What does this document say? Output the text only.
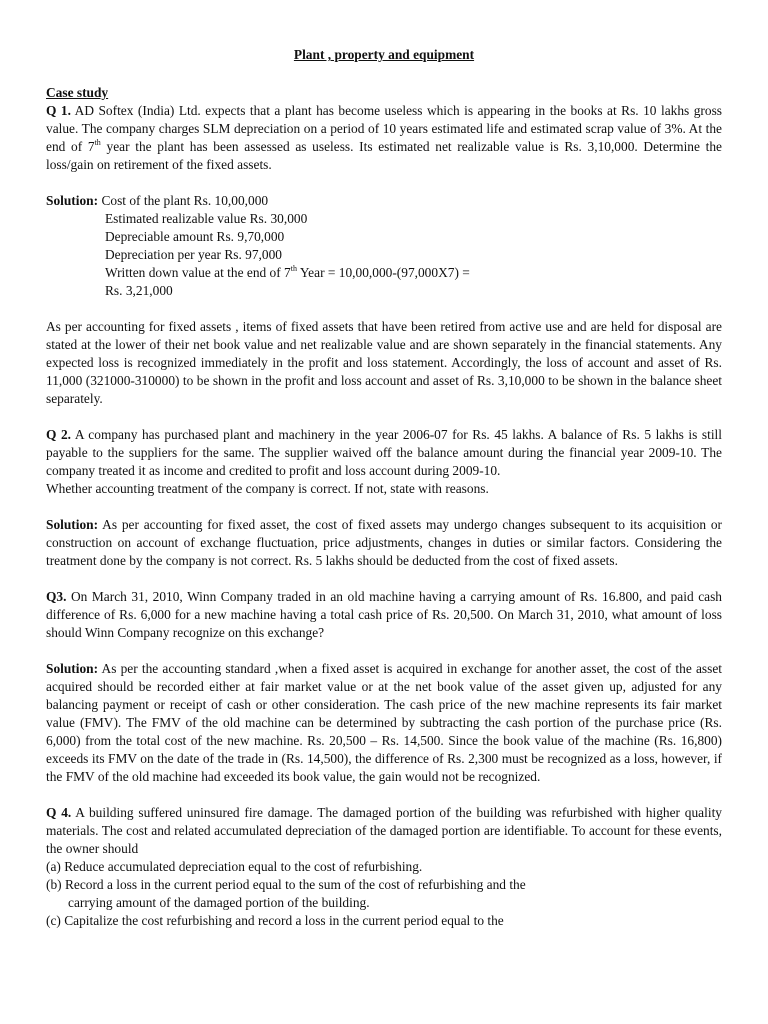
Plant , property and equipment
Case study

Q 1. AD Softex (India) Ltd. expects that a plant has become useless which is appearing in the books at Rs. 10 lakhs gross value. The company charges SLM depreciation on a period of 10 years estimated life and estimated scrap value of 3%. At the end of 7th year the plant has been assessed as useless. Its estimated net realizable value is Rs. 3,10,000. Determine the loss/gain on retirement of the fixed assets.

Solution: Cost of the plant Rs. 10,00,000

Estimated realizable value Rs. 30,000

Depreciable amount Rs. 9,70,000

Depreciation per year Rs. 97,000

Written down value at the end of 7th Year = 10,00,000-(97,000X7) =

Rs. 3,21,000

As per accounting for fixed assets , items of fixed assets that have been retired from active use and are held for disposal are stated at the lower of their net book value and net realizable value and are shown separately in the financial statements. Any expected loss is recognized immediately in the profit and loss statement. Accordingly, the loss of account and asset of Rs. 11,000 (321000-310000) to be shown in the profit and loss account and asset of Rs. 3,10,000 to be shown in the balance sheet separately.

Q 2. A company has purchased plant and machinery in the year 2006-07 for Rs. 45 lakhs. A balance of Rs. 5 lakhs is still payable to the suppliers for the same. The supplier waived off the balance amount during the financial year 2009-10. The company treated it as income and credited to profit and loss account during 2009-10.

Whether accounting treatment of the company is correct. If not, state with reasons.

Solution: As per accounting for fixed asset, the cost of fixed assets may undergo changes subsequent to its acquisition or construction on account of exchange fluctuation, price adjustments, changes in duties or similar factors. Considering the treatment done by the company is not correct. Rs. 5 lakhs should be deducted from the cost of fixed assets.

Q3. On March 31, 2010, Winn Company traded in an old machine having a carrying amount of Rs. 16.800, and paid cash difference of Rs. 6,000 for a new machine having a total cash price of Rs. 20,500. On March 31, 2010, what amount of loss should Winn Company recognize on this exchange?

Solution: As per the accounting standard ,when a fixed asset is acquired in exchange for another asset, the cost of the asset acquired should be recorded either at fair market value or at the net book value of the asset given up, adjusted for any balancing payment or receipt of cash or other consideration. The cash price of the new machine represents its fair market value (FMV). The FMV of the old machine can be determined by subtracting the cash portion of the purchase price (Rs. 6,000) from the total cost of the new machine. Rs. 20,500 – Rs. 14,500. Since the book value of the machine (Rs. 16,800) exceeds its FMV on the date of the trade in (Rs. 14,500), the difference of Rs. 2,300 must be recognized as a loss, however, if the FMV of the old machine had exceeded its book value, the gain would not be recognized.

Q 4. A building suffered uninsured fire damage. The damaged portion of the building was refurbished with higher quality materials. The cost and related accumulated depreciation of the damaged portion are identifiable. To account for these events, the owner should

(a) Reduce accumulated depreciation equal to the cost of refurbishing.

(b) Record a loss in the current period equal to the sum of the cost of refurbishing and the

carrying amount of the damaged portion of the building.

(c) Capitalize the cost refurbishing and record a loss in the current period equal to the
